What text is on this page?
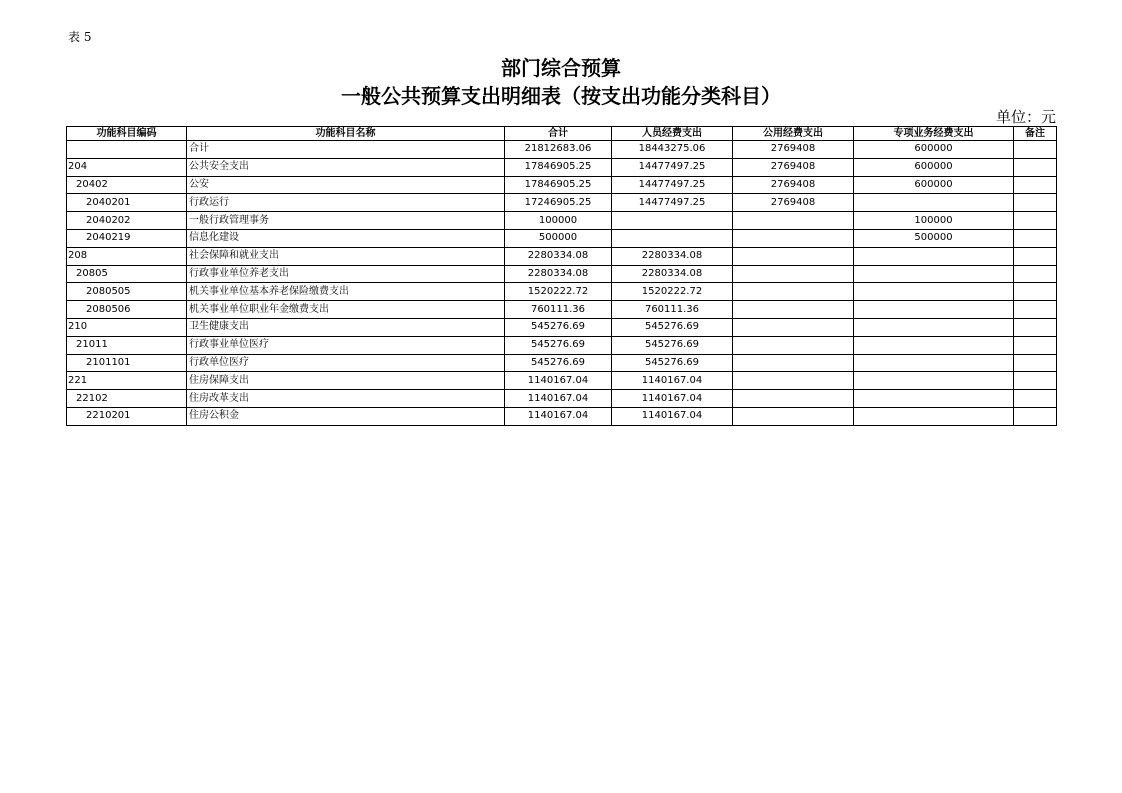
表 5
部门综合预算
一般公共预算支出明细表（按支出功能分类科目）
单位：元
功能科目编码	功能科目名称	合计	人员经费支出	公用经费支出	专项业务经费支出	备注
	合计	21812683.06	18443275.06	2769408	600000	
204	公共安全支出	17846905.25	14477497.25	2769408	600000	
20402	公安	17846905.25	14477497.25	2769408	600000	
2040201	行政运行	17246905.25	14477497.25	2769408		
2040202	一般行政管理事务	100000			100000	
2040219	信息化建设	500000			500000	
208	社会保障和就业支出	2280334.08	2280334.08			
20805	行政事业单位养老支出	2280334.08	2280334.08			
2080505	机关事业单位基本养老保险缴费支出	1520222.72	1520222.72			
2080506	机关事业单位职业年金缴费支出	760111.36	760111.36			
210	卫生健康支出	545276.69	545276.69			
21011	行政事业单位医疗	545276.69	545276.69			
2101101	行政单位医疗	545276.69	545276.69			
221	住房保障支出	1140167.04	1140167.04			
22102	住房改革支出	1140167.04	1140167.04			
2210201	住房公积金	1140167.04	1140167.04			
